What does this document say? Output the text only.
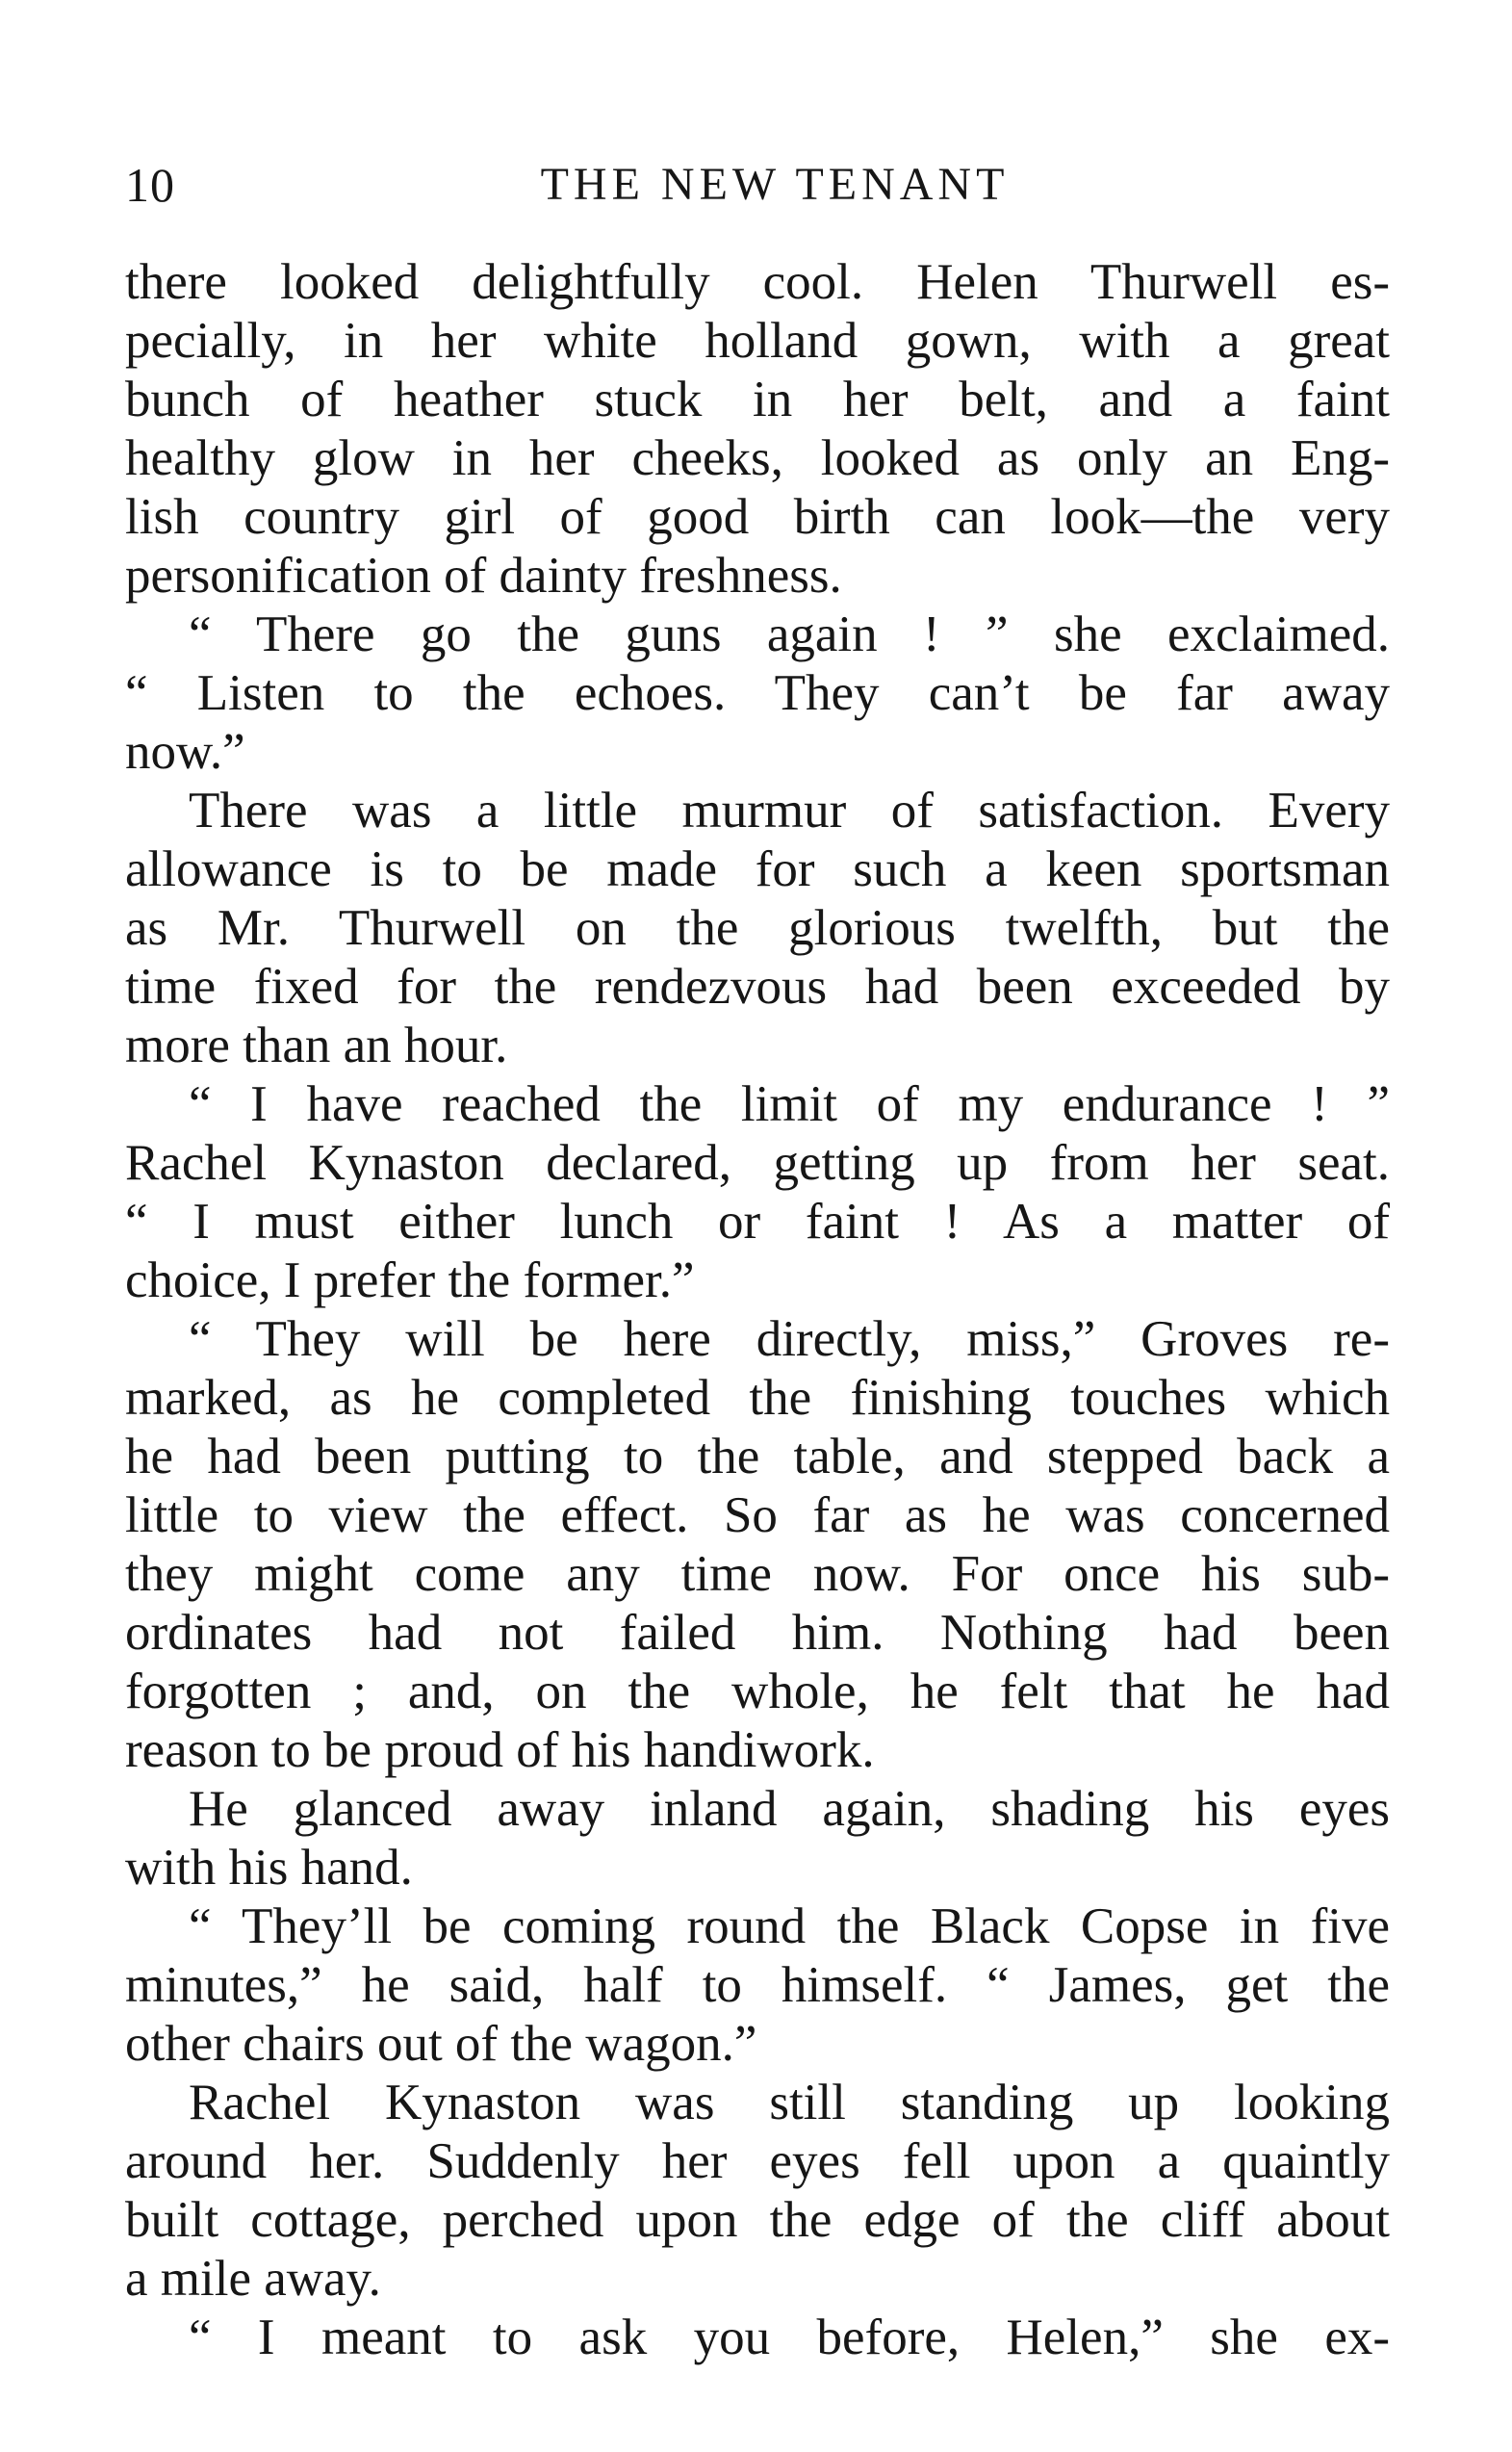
10	THE NEW TENANT
there looked delightfully cool. Helen Thurwell es-
pecially, in her white holland gown, with a great
bunch of heather stuck in her belt, and a faint
healthy glow in her cheeks, looked as only an Eng-
lish country girl of good birth can look—the very
personification of dainty freshness.
“ There go the guns again ! ” she exclaimed.
“ Listen to the echoes. They can’t be far away
now.”
There was a little murmur of satisfaction. Every
allowance is to be made for such a keen sportsman
as Mr. Thurwell on the glorious twelfth, but the
time fixed for the rendezvous had been exceeded by
more than an hour.
“ I have reached the limit of my endurance ! ”
Rachel Kynaston declared, getting up from her seat.
“ I must either lunch or faint ! As a matter of
choice, I prefer the former.”
“ They will be here directly, miss,” Groves re-
marked, as he completed the finishing touches which
he had been putting to the table, and stepped back a
little to view the effect. So far as he was concerned
they might come any time now. For once his sub-
ordinates had not failed him. Nothing had been
forgotten ; and, on the whole, he felt that he had
reason to be proud of his handiwork.
He glanced away inland again, shading his eyes
with his hand.
“ They’ll be coming round the Black Copse in five
minutes,” he said, half to himself. “ James, get the
other chairs out of the wagon.”
Rachel Kynaston was still standing up looking
around her. Suddenly her eyes fell upon a quaintly
built cottage, perched upon the edge of the cliff about
a mile away.
“ I meant to ask you before, Helen,” she ex-
